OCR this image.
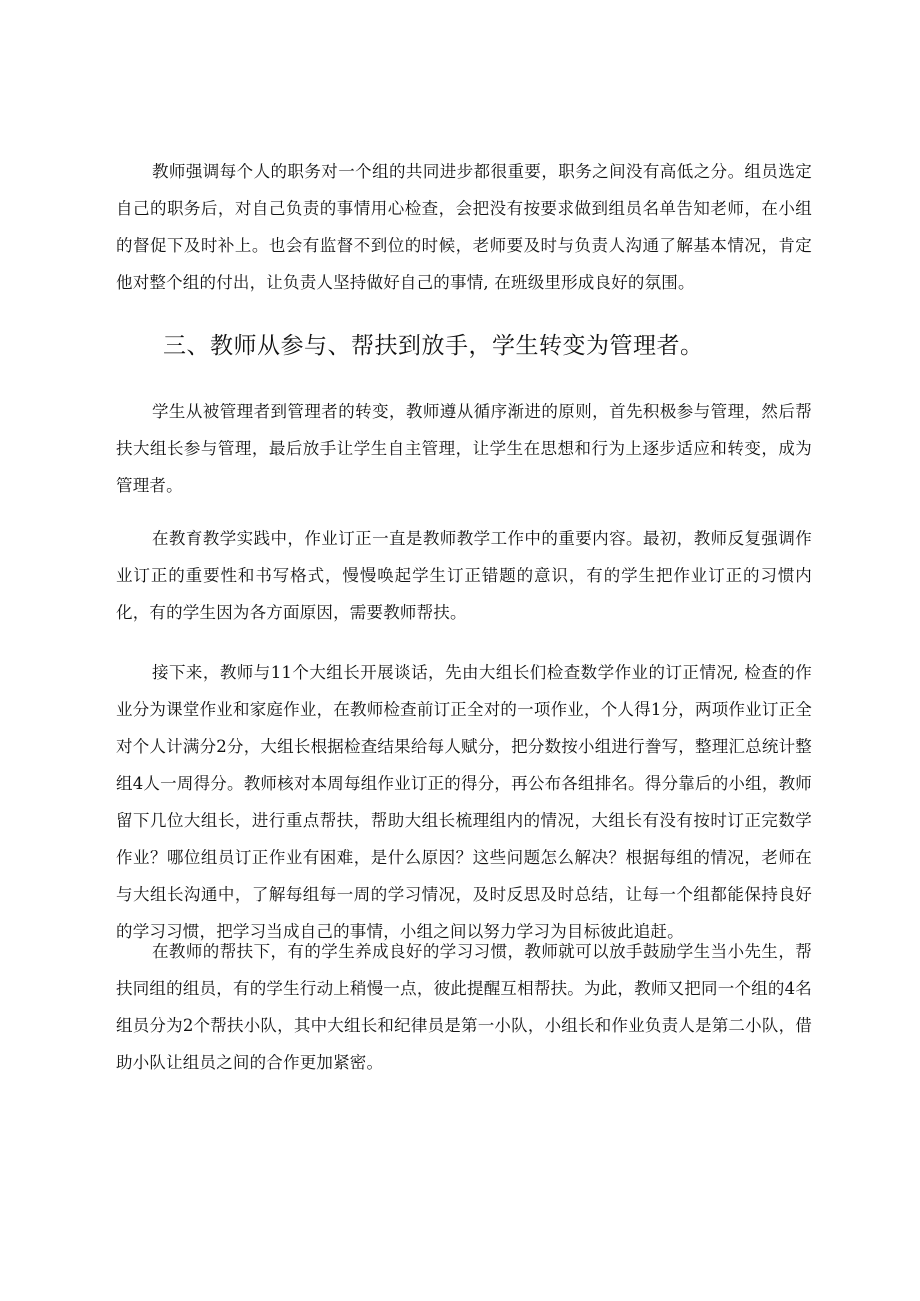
教师强调每个人的职务对一个组的共同进步都很重要，职务之间没有高低之分。组员选定自己的职务后，对自己负责的事情用心检查，会把没有按要求做到组员名单告知老师，在小组的督促下及时补上。也会有监督不到位的时候，老师要及时与负责人沟通了解基本情况，肯定他对整个组的付出，让负责人坚持做好自己的事情, 在班级里形成良好的氛围。

三、教师从参与、帮扶到放手，学生转变为管理者。

学生从被管理者到管理者的转变，教师遵从循序渐进的原则，首先积极参与管理，然后帮扶大组长参与管理，最后放手让学生自主管理，让学生在思想和行为上逐步适应和转变，成为管理者。

在教育教学实践中，作业订正一直是教师教学工作中的重要内容。最初，教师反复强调作业订正的重要性和书写格式，慢慢唤起学生订正错题的意识，有的学生把作业订正的习惯内化，有的学生因为各方面原因，需要教师帮扶。

接下来，教师与11个大组长开展谈话，先由大组长们检查数学作业的订正情况, 检查的作业分为课堂作业和家庭作业，在教师检查前订正全对的一项作业，个人得1分，两项作业订正全对个人计满分2分，大组长根据检查结果给每人赋分，把分数按小组进行誊写，整理汇总统计整组4人一周得分。教师核对本周每组作业订正的得分，再公布各组排名。得分靠后的小组，教师留下几位大组长，进行重点帮扶，帮助大组长梳理组内的情况，大组长有没有按时订正完数学作业？哪位组员订正作业有困难，是什么原因？这些问题怎么解决？根据每组的情况，老师在与大组长沟通中，了解每组每一周的学习情况，及时反思及时总结，让每一个组都能保持良好的学习习惯，把学习当成自己的事情，小组之间以努力学习为目标彼此追赶。

在教师的帮扶下，有的学生养成良好的学习习惯，教师就可以放手鼓励学生当小先生，帮扶同组的组员，有的学生行动上稍慢一点，彼此提醒互相帮扶。为此，教师又把同一个组的4名组员分为2个帮扶小队，其中大组长和纪律员是第一小队，小组长和作业负责人是第二小队，借助小队让组员之间的合作更加紧密。
